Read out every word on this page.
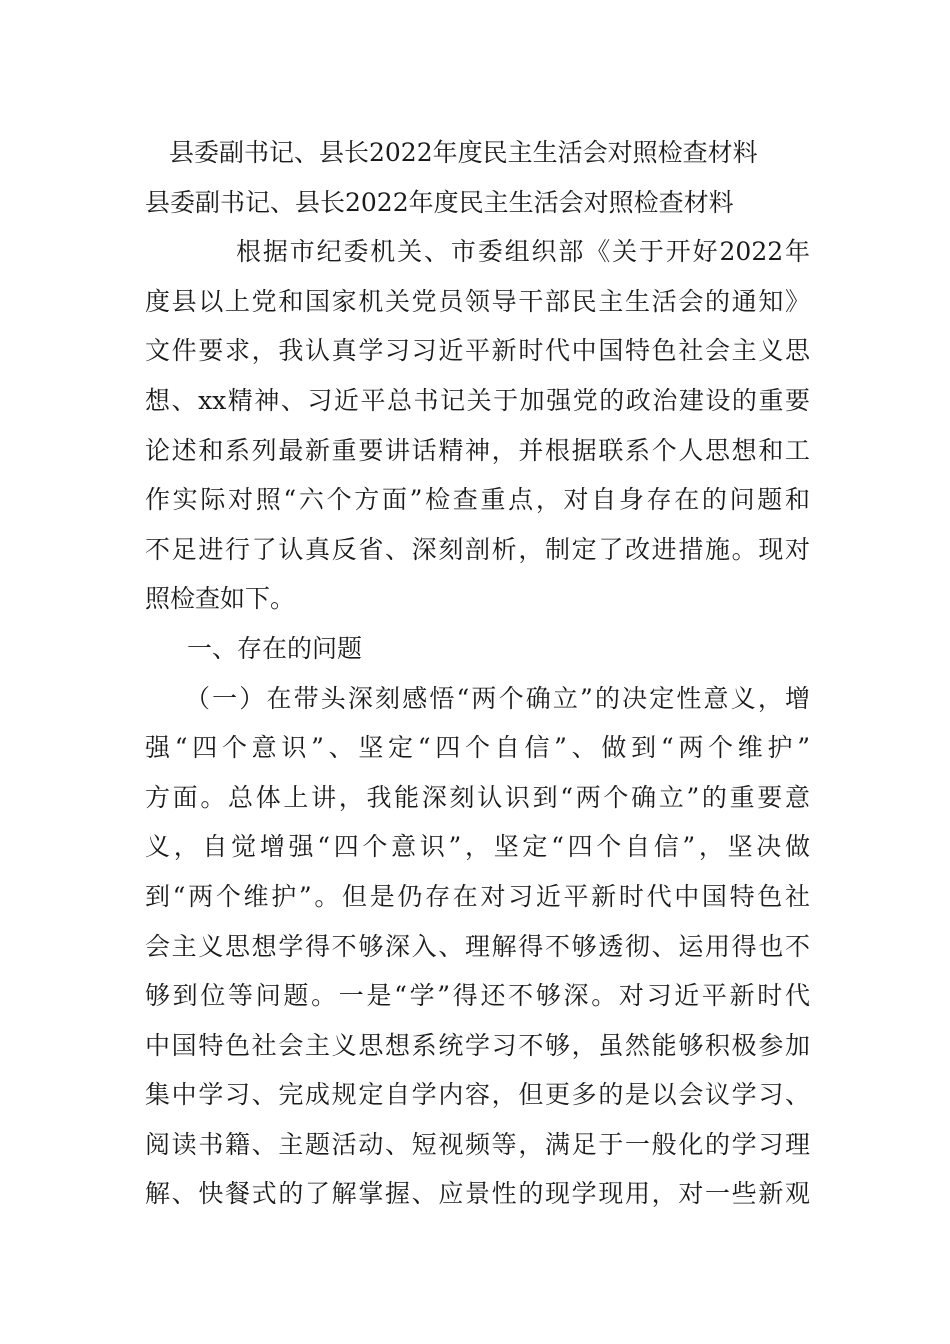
县委副书记、县长2022年度民主生活会对照检查材料
县委副书记、县长2022年度民主生活会对照检查材料
根据市纪委机关、市委组织部《关于开好2022年
度县以上党和国家机关党员领导干部民主生活会的通知》
文件要求，我认真学习习近平新时代中国特色社会主义思
想、xx精神、习近平总书记关于加强党的政治建设的重要
论述和系列最新重要讲话精神，并根据联系个人思想和工
作实际对照“六个方面”检查重点，对自身存在的问题和
不足进行了认真反省、深刻剖析，制定了改进措施。现对
照检查如下。
一、存在的问题
（一）在带头深刻感悟“两个确立”的决定性意义，增
强“四个意识”、坚定“四个自信”、做到“两个维护”
方面。总体上讲，我能深刻认识到“两个确立”的重要意
义，自觉增强“四个意识”，坚定“四个自信”，坚决做
到“两个维护”。但是仍存在对习近平新时代中国特色社
会主义思想学得不够深入、理解得不够透彻、运用得也不
够到位等问题。一是“学”得还不够深。对习近平新时代
中国特色社会主义思想系统学习不够，虽然能够积极参加
集中学习、完成规定自学内容，但更多的是以会议学习、
阅读书籍、主题活动、短视频等，满足于一般化的学习理
解、快餐式的了解掌握、应景性的现学现用，对一些新观
